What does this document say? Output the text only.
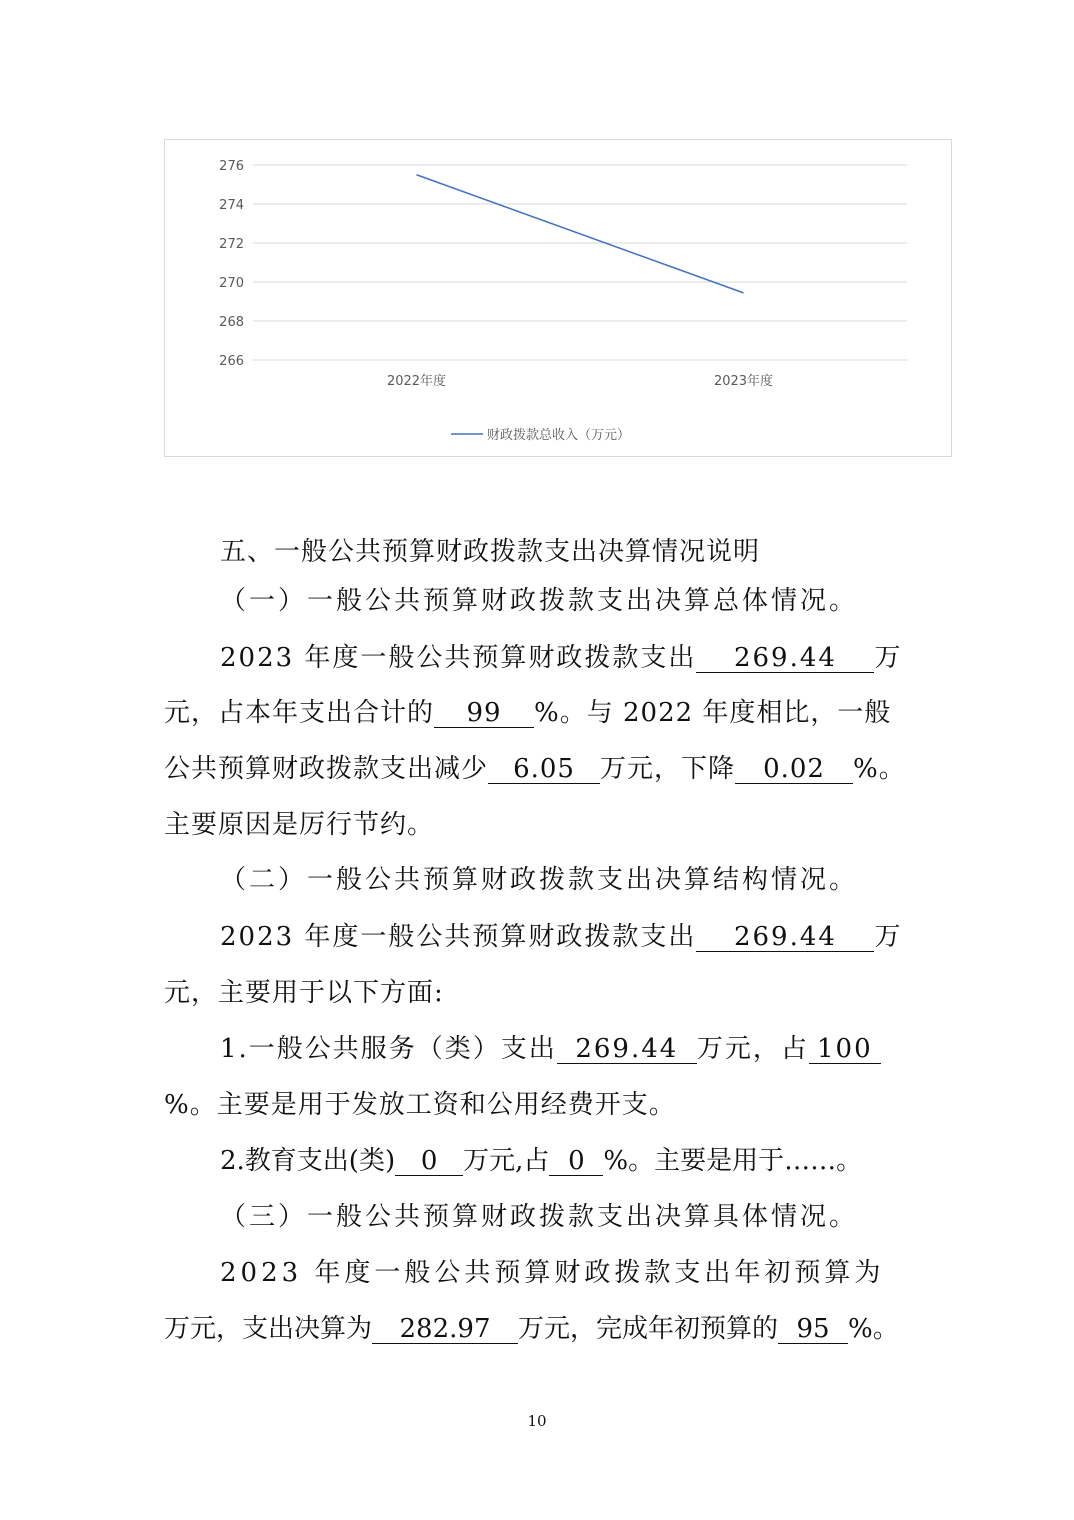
276
274
272
270
268
266
2022年度	2023年度
财政拨款总收入（万元）
五、一般公共预算财政拨款支出决算情况说明
（一）一般公共预算财政拨款支出决算总体情况。
2023 年度一般公共预算财政拨款支出 269.44 万
元，占本年支出合计的 99 %。与 2022 年度相比，一般
公共预算财政拨款支出减少 6.05 万元，下降 0.02 %。
主要原因是厉行节约。
（二）一般公共预算财政拨款支出决算结构情况。
2023 年度一般公共预算财政拨款支出 269.44 万
元，主要用于以下方面:
1.一般公共服务（类）支出 269.44 万元，占 100
%。主要是用于发放工资和公用经费开支。
2.教育支出(类) 0 万元,占 0 %。主要是用于……。
（三）一般公共预算财政拨款支出决算具体情况。
2023 年度一般公共预算财政拨款支出年初预算为
万元，支出决算为 282.97 万元，完成年初预算的 95 %。
10
